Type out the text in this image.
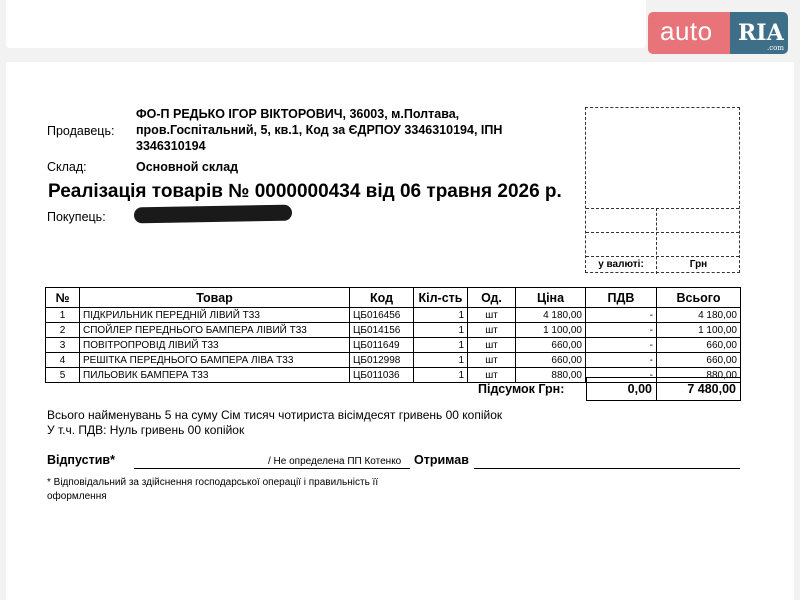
auto	RIA
.com
Продавець:
ФО-П РЕДЬКО ІГОР ВІКТОРОВИЧ, 36003, м.Полтава, пров.Госпітальний, 5, кв.1, Код за ЄДРПОУ 3346310194, ІПН 3346310194
Склад:	Основной склад
Реалізація товарів № 0000000434 від 06 травня 2026 р.
Покупець:
у валюті:	Грн
№	Товар	Код	Кіл-сть	Од.	Ціна	ПДВ	Всього
1	ПІДКРИЛЬНИК ПЕРЕДНІЙ ЛІВИЙ T33	ЦБ016456	1	шт	4 180,00	-	4 180,00
2	СПОЙЛЕР ПЕРЕДНЬОГО БАМПЕРА ЛІВИЙ T33	ЦБ014156	1	шт	1 100,00	-	1 100,00
3	ПОВІТРОПРОВІД ЛІВИЙ Т33	ЦБ011649	1	шт	660,00	-	660,00
4	РЕШІТКА ПЕРЕДНЬОГО БАМПЕРА ЛІВА Т33	ЦБ012998	1	шт	660,00	-	660,00
5	ПИЛЬОВИК БАМПЕРА Т33	ЦБ011036	1	шт	880,00	-	880,00
Підсумок Грн:	0,00	7 480,00
Всього найменувань 5 на суму Сім тисяч чотириста вісімдесят гривень 00 копійок
У т.ч. ПДВ: Нуль гривень 00 копійок
Відпустив*	/ Не определена ПП Котенко Отримав
* Відповідальний за здійснення господарської операції і правильність її оформлення
